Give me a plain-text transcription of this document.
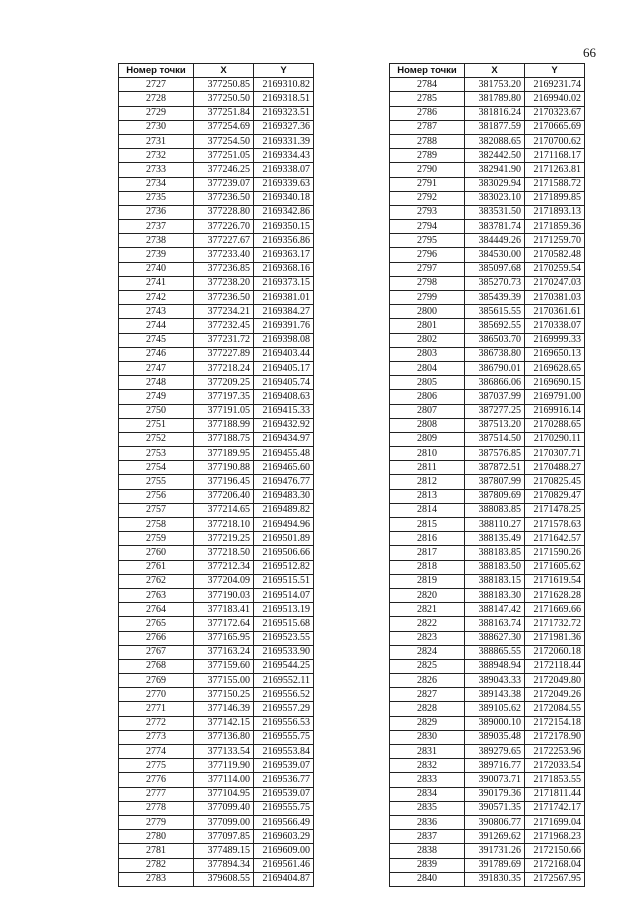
66
Номер точки	X	Y
2727	377250.85	2169310.82
2728	377250.50	2169318.51
2729	377251.84	2169323.51
2730	377254.69	2169327.36
2731	377254.50	2169331.39
2732	377251.05	2169334.43
2733	377246.25	2169338.07
2734	377239.07	2169339.63
2735	377236.50	2169340.18
2736	377228.80	2169342.86
2737	377226.70	2169350.15
2738	377227.67	2169356.86
2739	377233.40	2169363.17
2740	377236.85	2169368.16
2741	377238.20	2169373.15
2742	377236.50	2169381.01
2743	377234.21	2169384.27
2744	377232.45	2169391.76
2745	377231.72	2169398.08
2746	377227.89	2169403.44
2747	377218.24	2169405.17
2748	377209.25	2169405.74
2749	377197.35	2169408.63
2750	377191.05	2169415.33
2751	377188.99	2169432.92
2752	377188.75	2169434.97
2753	377189.95	2169455.48
2754	377190.88	2169465.60
2755	377196.45	2169476.77
2756	377206.40	2169483.30
2757	377214.65	2169489.82
2758	377218.10	2169494.96
2759	377219.25	2169501.89
2760	377218.50	2169506.66
2761	377212.34	2169512.82
2762	377204.09	2169515.51
2763	377190.03	2169514.07
2764	377183.41	2169513.19
2765	377172.64	2169515.68
2766	377165.95	2169523.55
2767	377163.24	2169533.90
2768	377159.60	2169544.25
2769	377155.00	2169552.11
2770	377150.25	2169556.52
2771	377146.39	2169557.29
2772	377142.15	2169556.53
2773	377136.80	2169555.75
2774	377133.54	2169553.84
2775	377119.90	2169539.07
2776	377114.00	2169536.77
2777	377104.95	2169539.07
2778	377099.40	2169555.75
2779	377099.00	2169566.49
2780	377097.85	2169603.29
2781	377489.15	2169609.00
2782	377894.34	2169561.46
2783	379608.55	2169404.87
Номер точки	X	Y
2784	381753.20	2169231.74
2785	381789.80	2169940.02
2786	381816.24	2170323.67
2787	381877.59	2170665.69
2788	382088.65	2170700.62
2789	382442.50	2171168.17
2790	382941.90	2171263.81
2791	383029.94	2171588.72
2792	383023.10	2171899.85
2793	383531.50	2171893.13
2794	383781.74	2171859.36
2795	384449.26	2171259.70
2796	384530.00	2170582.48
2797	385097.68	2170259.54
2798	385270.73	2170247.03
2799	385439.39	2170381.03
2800	385615.55	2170361.61
2801	385692.55	2170338.07
2802	386503.70	2169999.33
2803	386738.80	2169650.13
2804	386790.01	2169628.65
2805	386866.06	2169690.15
2806	387037.99	2169791.00
2807	387277.25	2169916.14
2808	387513.20	2170288.65
2809	387514.50	2170290.11
2810	387576.85	2170307.71
2811	387872.51	2170488.27
2812	387807.99	2170825.45
2813	387809.69	2170829.47
2814	388083.85	2171478.25
2815	388110.27	2171578.63
2816	388135.49	2171642.57
2817	388183.85	2171590.26
2818	388183.50	2171605.62
2819	388183.15	2171619.54
2820	388183.30	2171628.28
2821	388147.42	2171669.66
2822	388163.74	2171732.72
2823	388627.30	2171981.36
2824	388865.55	2172060.18
2825	388948.94	2172118.44
2826	389043.33	2172049.80
2827	389143.38	2172049.26
2828	389105.62	2172084.55
2829	389000.10	2172154.18
2830	389035.48	2172178.90
2831	389279.65	2172253.96
2832	389716.77	2172033.54
2833	390073.71	2171853.55
2834	390179.36	2171811.44
2835	390571.35	2171742.17
2836	390806.77	2171699.04
2837	391269.62	2171968.23
2838	391731.26	2172150.66
2839	391789.69	2172168.04
2840	391830.35	2172567.95
